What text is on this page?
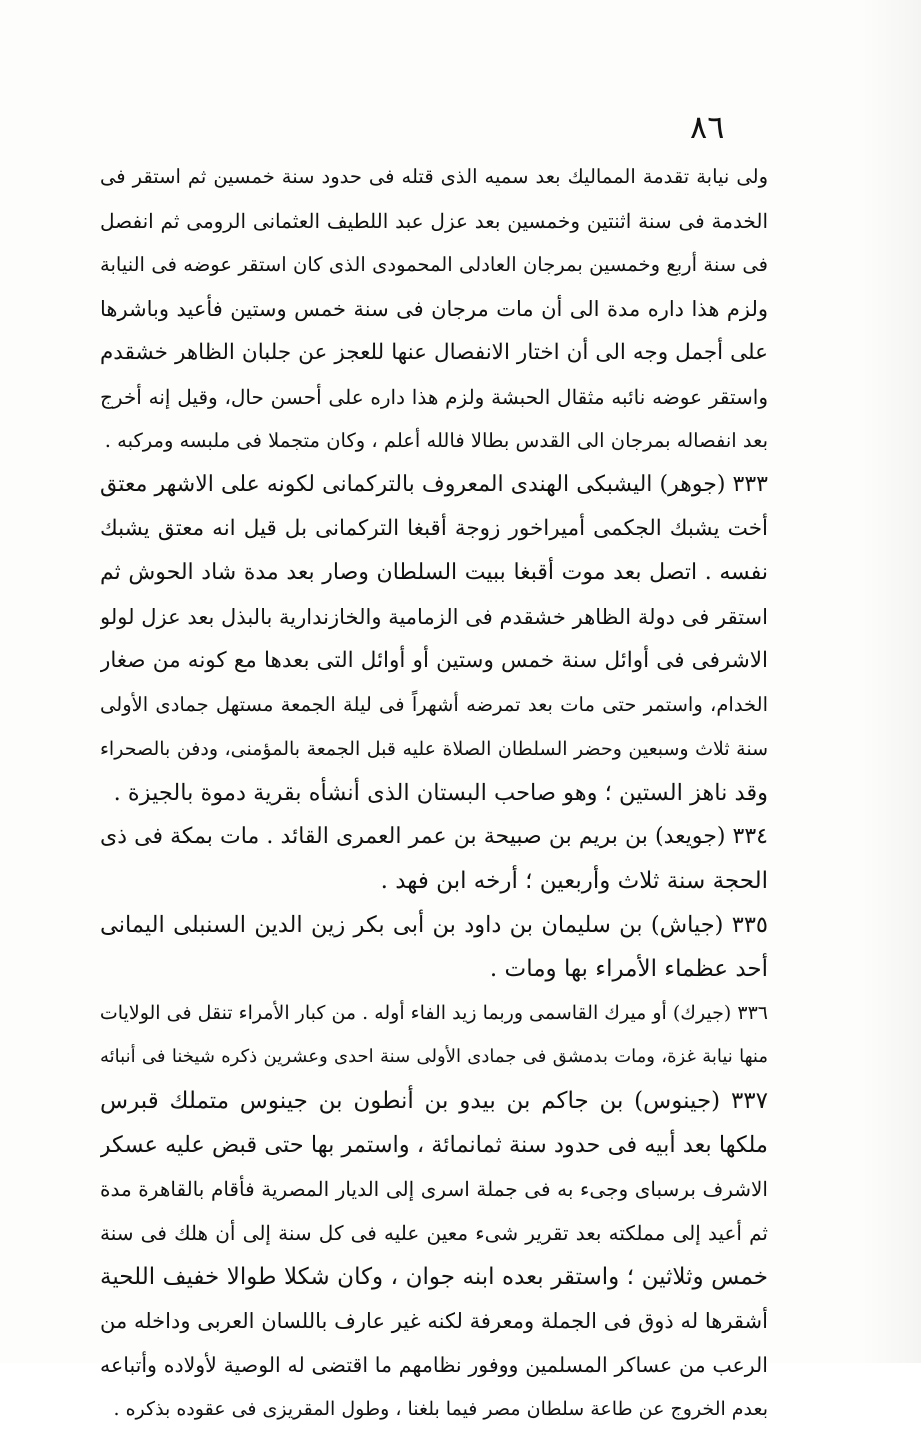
٨٦
ولى نيابة تقدمة المماليك بعد سميه الذى قتله فى حدود سنة خمسين ثم استقر فى
الخدمة فى سنة اثنتين وخمسين بعد عزل عبد اللطيف العثمانى الرومى ثم انفصل
فى سنة أربع وخمسين بمرجان العادلى المحمودى الذى كان استقر عوضه فى النيابة
ولزم هذا داره مدة الى أن مات مرجان فى سنة خمس وستين فأعيد وباشرها
على أجمل وجه الى أن اختار الانفصال عنها للعجز عن جلبان الظاهر خشقدم
واستقر عوضه نائبه مثقال الحبشة ولزم هذا داره على أحسن حال، وقيل إنه أخرج
بعد انفصاله بمرجان الى القدس بطالا فالله أعلم ، وكان متجملا فى ملبسه ومركبه .
٣٣٣ (جوهر) اليشبكى الهندى المعروف بالتركمانى لكونه على الاشهر معتق
أخت يشبك الجكمى أميراخور زوجة أقبغا التركمانى بل قيل انه معتق يشبك
نفسه . اتصل بعد موت أقبغا ببيت السلطان وصار بعد مدة شاد الحوش ثم
استقر فى دولة الظاهر خشقدم فى الزمامية والخازندارية بالبذل بعد عزل لولو
الاشرفى فى أوائل سنة خمس وستين أو أوائل التى بعدها مع كونه من صغار
الخدام، واستمر حتى مات بعد تمرضه أشهراً فى ليلة الجمعة مستهل جمادى الأولى
سنة ثلاث وسبعين وحضر السلطان الصلاة عليه قبل الجمعة بالمؤمنى، ودفن بالصحراء
وقد ناهز الستين ؛ وهو صاحب البستان الذى أنشأه بقرية دموة بالجيزة .
٣٣٤ (جويعد) بن بريم بن صبيحة بن عمر العمرى القائد . مات بمكة فى ذى
الحجة سنة ثلاث وأربعين ؛ أرخه ابن فهد .
٣٣٥ (جياش) بن سليمان بن داود بن أبى بكر زين الدين السنبلى اليمانى
أحد عظماء الأمراء بها ومات .
٣٣٦ (جيرك) أو ميرك القاسمى وربما زيد الفاء أوله . من كبار الأمراء تنقل فى الولايات
منها نيابة غزة، ومات بدمشق فى جمادى الأولى سنة احدى وعشرين ذكره شيخنا فى أنبائه
٣٣٧ (جينوس) بن جاكم بن بيدو بن أنطون بن جينوس متملك قبرس
ملكها بعد أبيه فى حدود سنة ثمانمائة ، واستمر بها حتى قبض عليه عسكر
الاشرف برسباى وجىء به فى جملة اسرى إلى الديار المصرية فأقام بالقاهرة مدة
ثم أعيد إلى مملكته بعد تقرير شىء معين عليه فى كل سنة إلى أن هلك فى سنة
خمس وثلاثين ؛ واستقر بعده ابنه جوان ، وكان شكلا طوالا خفيف اللحية
أشقرها له ذوق فى الجملة ومعرفة لكنه غير عارف باللسان العربى وداخله من
الرعب من عساكر المسلمين ووفور نظامهم ما اقتضى له الوصية لأولاده وأتباعه
بعدم الخروج عن طاعة سلطان مصر فيما بلغنا ، وطول المقريزى فى عقوده بذكره .
